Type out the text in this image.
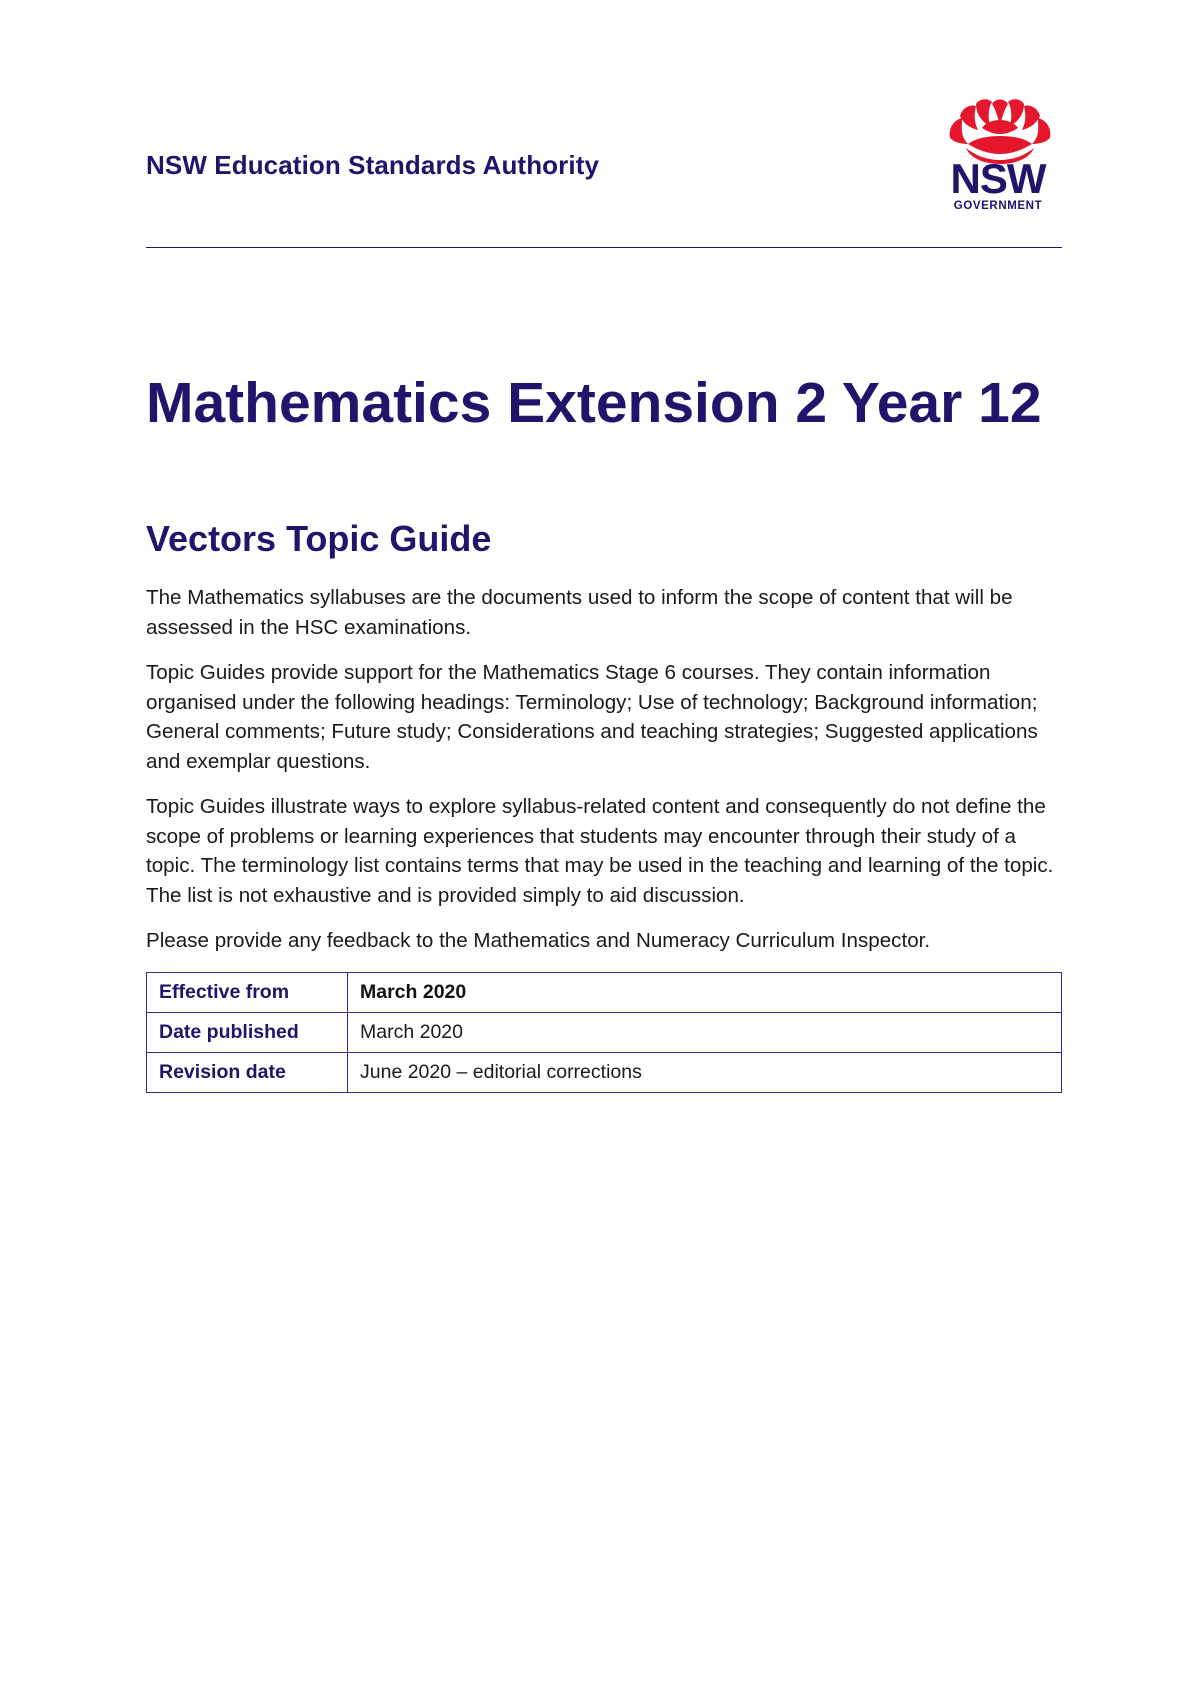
NSW Education Standards Authority	NSW
GOVERNMENT
Mathematics Extension 2 Year 12
Vectors Topic Guide

The Mathematics syllabuses are the documents used to inform the scope of content that will be assessed in the HSC examinations.

Topic Guides provide support for the Mathematics Stage 6 courses. They contain information organised under the following headings: Terminology; Use of technology; Background information; General comments; Future study; Considerations and teaching strategies; Suggested applications and exemplar questions.

Topic Guides illustrate ways to explore syllabus-related content and consequently do not define the scope of problems or learning experiences that students may encounter through their study of a topic. The terminology list contains terms that may be used in the teaching and learning of the topic. The list is not exhaustive and is provided simply to aid discussion.

Please provide any feedback to the Mathematics and Numeracy Curriculum Inspector.

Effective from	March 2020
Date published	March 2020
Revision date	June 2020 – editorial corrections
